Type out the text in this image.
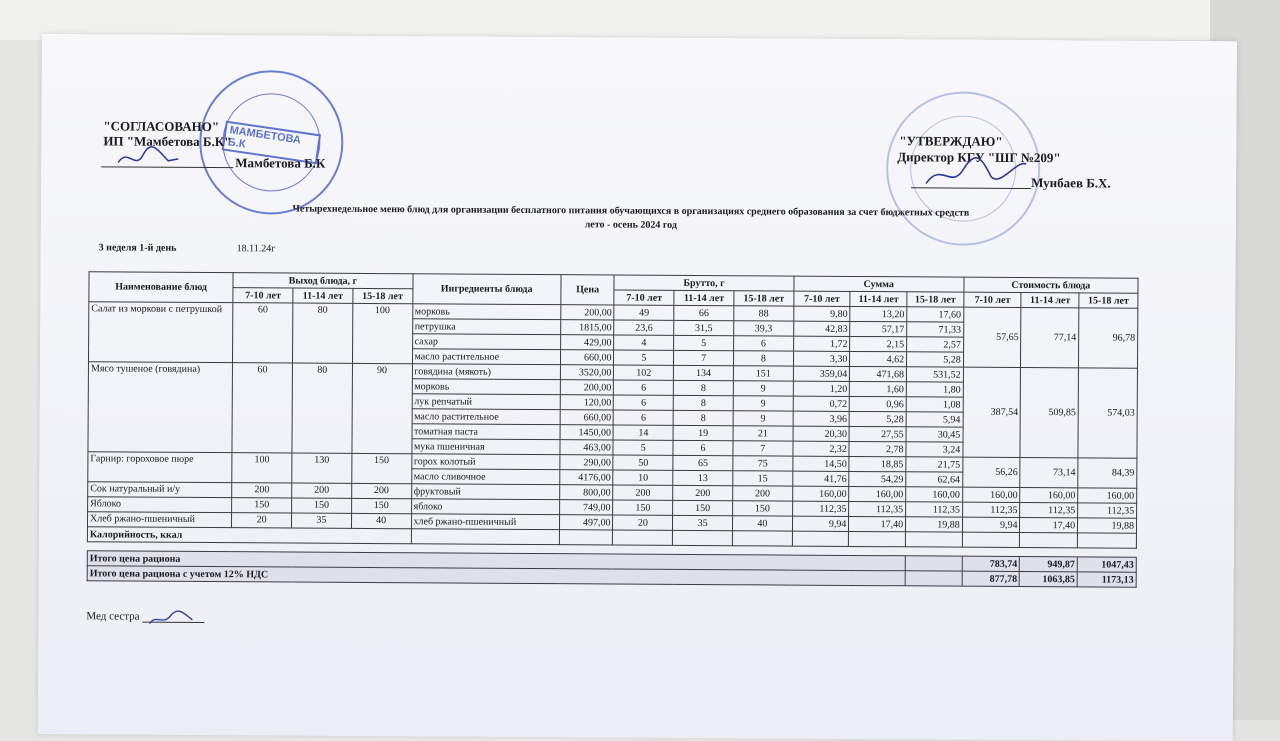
МАМБЕТОВА Б.К
"СОГЛАСОВАНО"
ИП "Мамбетова Б.К"
Мамбетова Б.К
"УТВЕРЖДАЮ"
Директор КГУ "ШГ №209"
Мунбаев Б.Х.
Четырехнедельное меню блюд для организации бесплатного питания обучающихся в организациях среднего образования за счет бюджетных средств
лето - осень 2024 год
3 неделя 1-й день	18.11.24г
Наименование блюд	Выход блюда, г			Ингредиенты блюда	Цена	Брутто, г			Сумма			Стоимость блюда		
	7-10 лет	11-14 лет	15-18 лет			7-10 лет	11-14 лет	15-18 лет	7-10 лет	11-14 лет	15-18 лет	7-10 лет	11-14 лет	15-18 лет
Салат из моркови с петрушкой	60	80	100	морковь	200,00	49	66	88	9,80	13,20	17,60	57,65	77,14	96,78
				петрушка	1815,00	23,6	31,5	39,3	42,83	57,17	71,33			
				сахар	429,00	4	5	6	1,72	2,15	2,57			
				масло растительное	660,00	5	7	8	3,30	4,62	5,28			
Мясо тушеное (говядина)	60	80	90	говядина (мякоть)	3520,00	102	134	151	359,04	471,68	531,52	387,54	509,85	574,03
				морковь	200,00	6	8	9	1,20	1,60	1,80			
				лук репчатый	120,00	6	8	9	0,72	0,96	1,08			
				масло растительное	660,00	6	8	9	3,96	5,28	5,94			
				томатная паста	1450,00	14	19	21	20,30	27,55	30,45			
				мука пшеничная	463,00	5	6	7	2,32	2,78	3,24			
Гарнир: гороховое пюре	100	130	150	горох колотый	290,00	50	65	75	14,50	18,85	21,75	56,26	73,14	84,39
				масло сливочное	4176,00	10	13	15	41,76	54,29	62,64			
Сок натуральный и/у	200	200	200	фруктовый	800,00	200	200	200	160,00	160,00	160,00	160,00	160,00	160,00
Яблоко	150	150	150	яблоко	749,00	150	150	150	112,35	112,35	112,35	112,35	112,35	112,35
Хлеб ржано-пшеничный	20	35	40	хлеб ржано-пшеничный	497,00	20	35	40	9,94	17,40	19,88	9,94	17,40	19,88
Калорийность, ккал														

Итого цена рациона												783,74	949,87	1047,43
Итого цена рациона с учетом 12% НДС												877,78	1063,85	1173,13
Мед сестра
